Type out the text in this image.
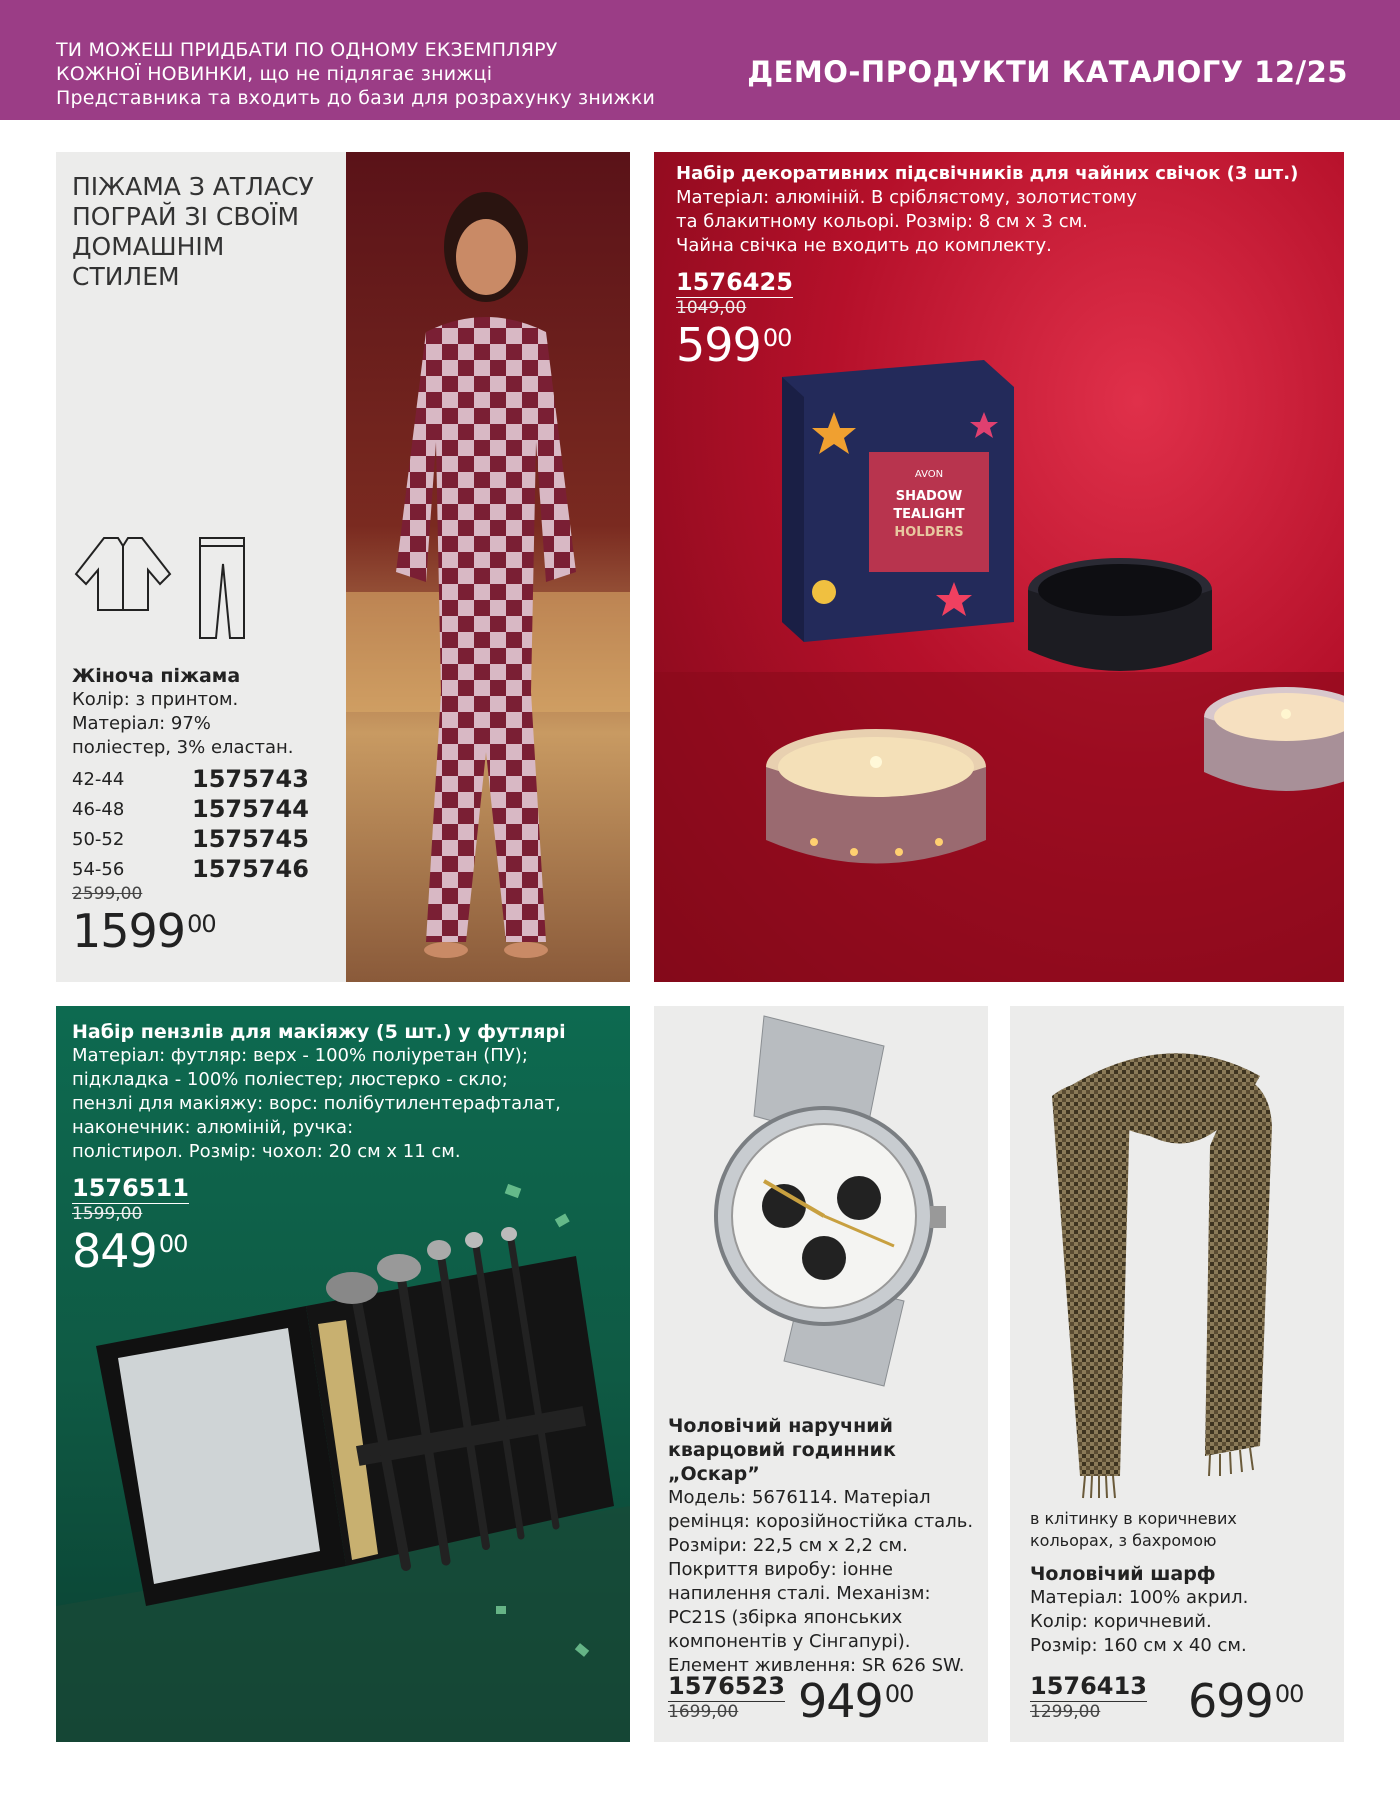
ТИ МОЖЕШ ПРИДБАТИ ПО ОДНОМУ ЕКЗЕМПЛЯРУ
КОЖНОЇ НОВИНКИ, що не підлягає знижці
Представника та входить до бази для розрахунку знижки
ДЕМО-ПРОДУКТИ КАТАЛОГУ 12/25
ПІЖАМА З АТЛАСУ
ПОГРАЙ ЗІ СВОЇМ
ДОМАШНІМ
СТИЛЕМ
Жіноча піжама
Колір: з принтом.
Матеріал: 97%
поліестер, 3% еластан.
42-44	1575743
46-48	1575744
50-52	1575745
54-56	1575746
2599,00
1599$^{00}$
AVON
SHADOW
TEALIGHT
HOLDERS
Набір декоративних підсвічників для чайних свічок (3 шт.)
Матеріал: алюміній. В сріблястому, золотистому
та блакитному кольорі. Розмір: 8 см х 3 см.
Чайна свічка не входить до комплекту.
1576425
1049,00
$599^{00}$
Набір пензлів для макіяжу (5 шт.) у футлярі
Матеріал: футляр: верх - 100% поліуретан (ПУ);
підкладка - 100% поліестер; люстерко - скло;
пензлі для макіяжу: ворс: полібутилентерафталат,
наконечник: алюміній, ручка:
полістирол. Розмір: чохол: 20 см х 11 см.
1576511
1599,00
$849^{00}$
Чоловічий наручний
кварцовий годинник „Оскар”
Модель: 5676114. Матеріал
ремінця: корозійностійка сталь.
Розміри: 22,5 см х 2,2 см.
Покриття виробу: іонне
напилення сталі. Механізм:
PC21S (збірка японських
компонентів у Сінгапурі).
Елемент живлення: SR 626 SW.
1576523
1699,00	$949^{00}$
в клітинку в коричневих
кольорах, з бахромою
Чоловічий шарф
Матеріал: 100% акрил.
Колір: коричневий.
Розмір: 160 см х 40 см.
1576413
1299,00	$699^{00}$
